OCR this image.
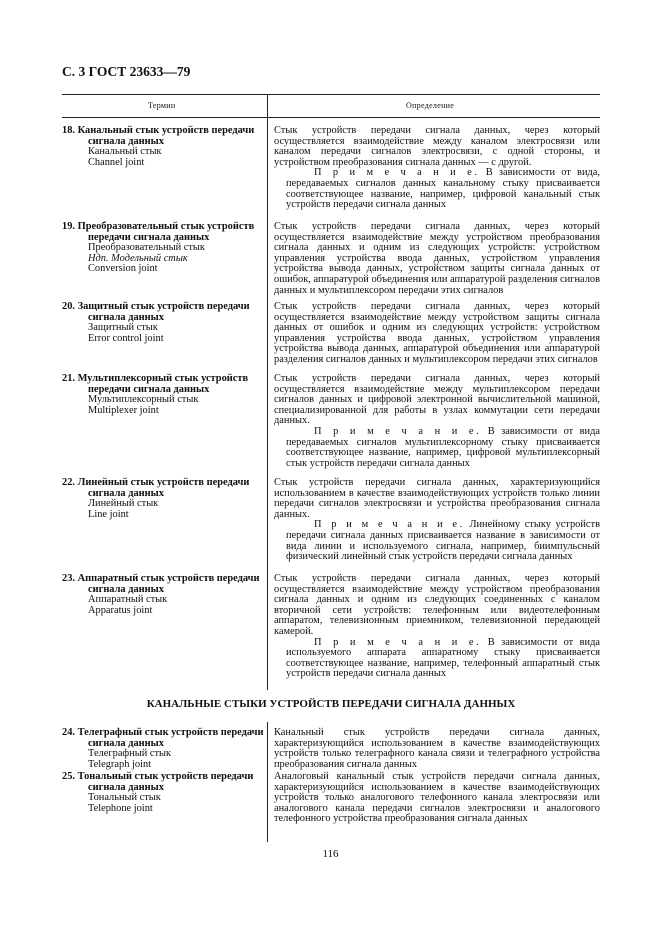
С. 3 ГОСТ 23633—79
Термин	Определение
18. Канальный стык устройств передачи сигнала данных
Канальный стык
Channel joint
Стык устройств передачи сигнала данных, через который осуществляется взаимодействие между каналом электросвязи или каналом передачи сигналов электросвязи, с одной стороны, и устройством преобразования сигнала данных — с другой.
П р и м е ч а н и е. В зависимости от вида, передаваемых сигналов данных канальному стыку присваивается соответствующее название, например, цифровой канальный стык устройств передачи сигнала данных
19. Преобразовательный стык устройств передачи сигнала данных
Преобразовательный стык
Ндп. Модельный стык
Conversion joint
Стык устройств передачи сигнала данных, через который осуществляется взаимодействие между устройством преобразования сигнала данных и одним из следующих устройств: устройством управления устройства ввода данных, устройством управления устройства вывода данных, устройством защиты сигнала данных от ошибок, аппаратурой объединения или аппаратурой разделения сигналов данных и мультиплексором передачи этих сигналов
20. Защитный стык устройств передачи сигнала данных
Защитный стык
Error control joint
Стык устройств передачи сигнала данных, через который осуществляется взаимодействие между устройством защиты сигнала данных от ошибок и одним из следующих устройств: устройством управления устройства ввода данных, устройством управления устройства вывода данных, аппаратурой объединения или аппаратурой разделения сигналов данных и мультиплексором передачи этих сигналов
21. Мультиплексорный стык устройств передачи сигнала данных
Мультиплексорный стык
Multiplexer joint
Стык устройств передачи сигнала данных, через который осуществляется взаимодействие между мультиплексором передачи сигналов данных и цифровой электронной вычислительной машиной, специализированной для работы в узлах коммутации сети передачи данных.
П р и м е ч а н и е. В зависимости от вида передаваемых сигналов мультиплексорному стыку присваивается соответствующее название, например, цифровой мультиплексорный стык устройств передачи сигнала данных
22. Линейный стык устройств передачи сигнала данных
Линейный стык
Line joint
Стык устройств передачи сигнала данных, характеризующийся использованием в качестве взаимодействующих устройств только линии передачи сигналов электросвязи и устройства преобразования сигнала данных.
П р и м е ч а н и е. Линейному стыку устройств передачи сигнала данных присваивается название в зависимости от вида линии и используемого сигнала, например, биимпульсный физический линейный стык устройств передачи сигнала данных
23. Аппаратный стык устройств передачи сигнала данных
Аппаратный стык
Apparatus joint
Стык устройств передачи сигнала данных, через который осуществляется взаимодействие между устройством преобразования сигнала данных и одним из следующих соединенных с каналом вторичной сети устройств: телефонным или видеотелефонным аппаратом, телевизионным приемником, телевизионной передающей камерой.
П р и м е ч а н и е. В зависимости от вида используемого аппарата аппаратному стыку присваивается соответствующее название, например, телефонный аппаратный стык устройств передачи сигнала данных
КАНАЛЬНЫЕ СТЫКИ УСТРОЙСТВ ПЕРЕДАЧИ СИГНАЛА ДАННЫХ
24. Телеграфный стык устройств передачи сигнала данных
Телеграфный стык
Telegraph joint
Канальный стык устройств передачи сигнала данных, характеризующийся использованием в качестве взаимодействующих устройств только телеграфного канала связи и телеграфного устройства преобразования сигнала данных
25. Тональный стык устройств передачи сигнала данных
Тональный стык
Telephone joint
Аналоговый канальный стык устройств передачи сигнала данных, характеризующийся использованием в качестве взаимодействующих устройств только аналогового телефонного канала электросвязи или аналогового канала передачи сигналов электросвязи и аналогового телефонного устройства преобразования сигнала данных
116
